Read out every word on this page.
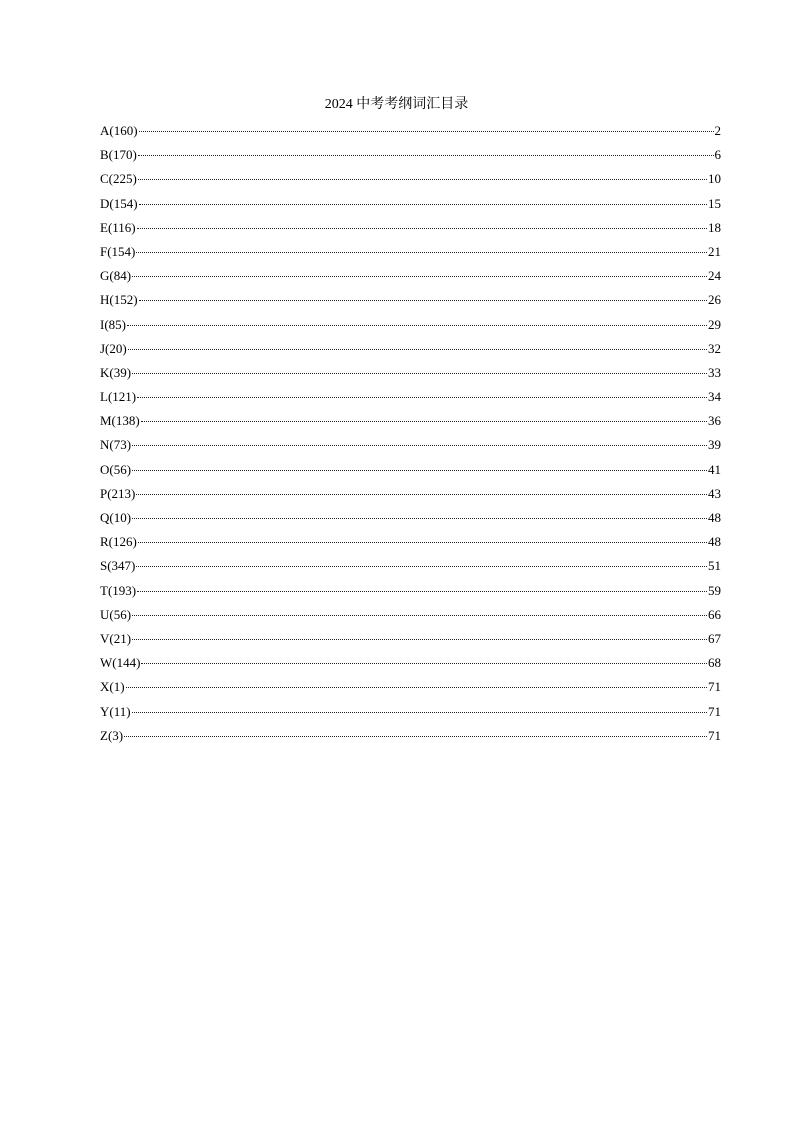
2024 中考考纲词汇目录
A(160)	2
B(170)	6
C(225)	10
D(154)	15
E(116)	18
F(154)	21
G(84)	24
H(152)	26
I(85)	29
J(20)	32
K(39)	33
L(121)	34
M(138)	36
N(73)	39
O(56)	41
P(213)	43
Q(10)	48
R(126)	48
S(347)	51
T(193)	59
U(56)	66
V(21)	67
W(144)	68
X(1)	71
Y(11)	71
Z(3)	71
